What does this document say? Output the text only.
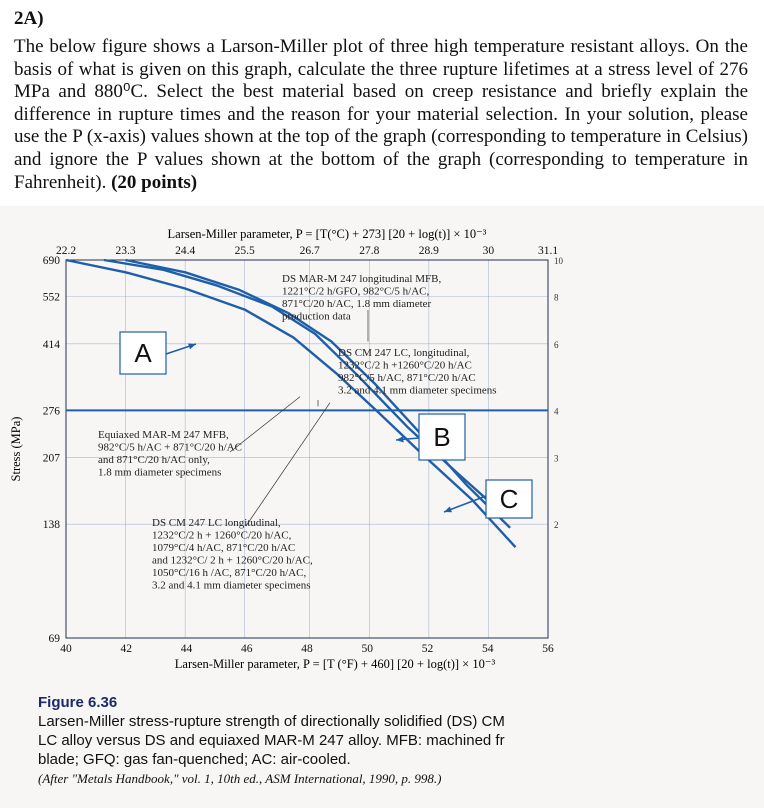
2A)
The below figure shows a Larson-Miller plot of three high temperature resistant alloys. On the basis of what is given on this graph, calculate the three rupture lifetimes at a stress level of 276 MPa and 880⁰C. Select the best material based on creep resistance and briefly explain the difference in rupture times and the reason for your material selection. In your solution, please use the P (x-axis) values shown at the top of the graph (corresponding to temperature in Celsius) and ignore the P values shown at the bottom of the graph (corresponding to temperature in Fahrenheit). (20 points)
22.2	23.3	24.4	25.5	26.7	27.8	28.9	30	31.1
40	42	44	46	48	50	52	54	56
69
138
207
276
414
552
690	10
8
6
4
3
2
Larsen-Miller parameter, P = [T(°C) + 273] [20 + log(t)] × 10⁻³
Larsen-Miller parameter, P = [T (°F) + 460] [20 + log(t)] × 10⁻³
Stress (MPa)
DS MAR-M 247 longitudinal MFB,
1221°C/2 h/GFO, 982°C/5 h/AC,
871°C/20 h/AC, 1.8 mm diameter
production data
DS CM 247 LC, longitudinal,
1232°C/2 h +1260°C/20 h/AC
982°C/5 h/AC, 871°C/20 h/AC
3.2 and 4.1 mm diameter specimens
Equiaxed MAR-M 247 MFB,
982°C/5 h/AC + 871°C/20 h/AC
and 871°C/20 h/AC only,
1.8 mm diameter specimens
DS CM 247 LC longitudinal,
1232°C/2 h + 1260°C/20 h/AC,
1079°C/4 h/AC, 871°C/20 h/AC
and 1232°C/ 2 h + 1260°C/20 h/AC,
1050°C/16 h /AC, 871°C/20 h/AC,
3.2 and 4.1 mm diameter specimens
A
B
C
Figure 6.36
Larsen-Miller stress-rupture strength of directionally solidified (DS) CM
LC alloy versus DS and equiaxed MAR-M 247 alloy. MFB: machined fr
blade; GFQ: gas fan-quenched; AC: air-cooled.
(After "Metals Handbook," vol. 1, 10th ed., ASM International, 1990, p. 998.)
